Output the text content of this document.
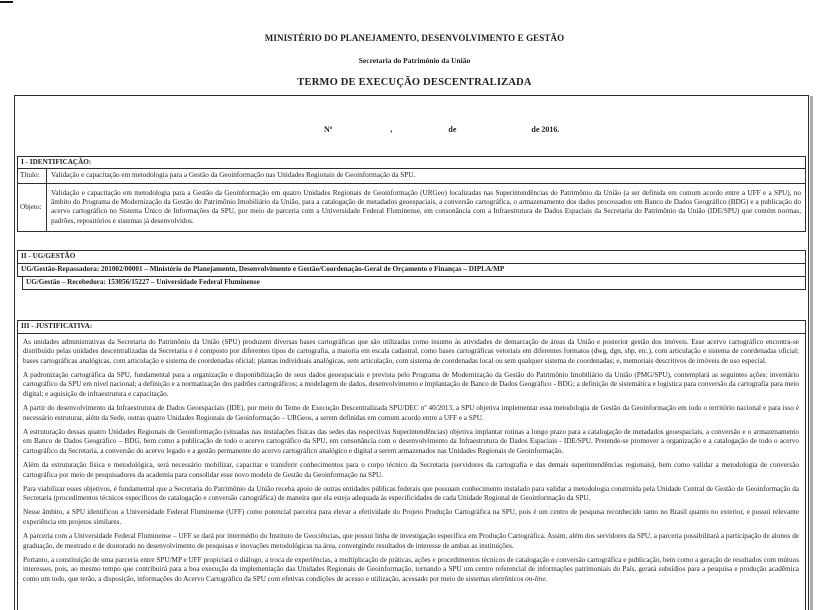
MINISTÉRIO DO PLANEJAMENTO, DESENVOLVIMENTO E GESTÃO
Secretaria do Patrimônio da União
TERMO DE EXECUÇÃO DESCENTRALIZADA

Nº	,	de	de 2016.

I - IDENTIFICAÇÃO:
Título:	Validação e capacitação em metodologia para a Gestão da Geoinformação nas Unidades Regionais de Geoinformação da SPU.
Objeto:
Validação e capacitação em metodologia para a Gestão da Geoinformação em quatro Unidades Regionais de Geoinformação (URGeo) localizadas nas Superintendências do Patrimônio da União (a ser definida em comum acordo entre a UFF e a SPU), no âmbito do Programa de Modernização da Gestão do Patrimônio Imobiliário da União, para a catalogação de metadados geoespaciais, a conversão cartográfica, o armazenamento dos dados processados em Banco de Dados Geográfico (BDG) e a publicação do acervo cartográfico no Sistema Único de Informações da SPU, por meio de parceria com a Universidade Federal Fluminense, em consonância com a Infraestrutura de Dados Espaciais da Secretaria do Patrimônio da União (IDE/SPU) que contém normas, padrões, repositórios e sistemas já desenvolvidos.
II - UG/GESTÃO
UG/Gestão-Repassadora: 201002/00001 – Ministério do Planejamento, Desenvolvimento e Gestão/Coordenação-Geral de Orçamento e Finanças – DIPLA/MP
UG/Gestão – Recebedora: 153056/15227 – Universidade Federal Fluminense
III - JUSTIFICATIVA:

As unidades administrativas da Secretaria do Patrimônio da União (SPU) produzem diversas bases cartográficas que são utilizadas como insumo às atividades de demarcação de áreas da União e posterior gestão dos imóveis. Esse acervo cartográfico encontra-se distribuído pelas unidades descentralizadas da Secretaria e é composto por diferentes tipos de cartografia, a maioria em escala cadastral, como bases cartográficas vetoriais em diferentes formatos (dwg, dgn, shp, etc.), com articulação e sistema de coordenadas oficial; bases cartográficas analógicas, com articulação e sistema de coordenadas oficial; plantas individuais analógicas, sem articulação, com sistema de coordenadas local ou sem qualquer sistema de coordenadas; e, memoriais descritivos de imóveis de uso especial.

A padronização cartográfica da SPU, fundamental para a organização e disponibilização de seus dados geoespaciais e prevista pelo Programa de Modernização da Gestão do Patrimônio Imobiliário da União (PMG/SPU), contemplará as seguintes ações: inventário cartográfico da SPU em nível nacional; a definição e a normatização dos padrões cartográficos; a modelagem de dados, desenvolvimento e implantação de Banco de Dados Geográfico - BDG; a definição de sistemática e logística para conversão da cartografia para meio digital; e aquisição de infraestrutura e capacitação.

A partir do desenvolvimento da Infraestrutura de Dados Geoespaciais (IDE), por meio do Temo de Execução Descentralizada SPU/DEC nº 40/2013, a SPU objetiva implementar essa metodologia de Gestão da Geoinformação em todo o território nacional e para isso é necessário estruturar, além da Sede, outras quatro Unidades Regionais de Geoinformação – URGeos, a serem definidas em comum acordo entre a UFF e a SPU.

A estruturação dessas quatro Unidades Regionais de Geoinformação (situadas nas instalações físicas das sedes das respectivas Superintendências) objetiva implantar rotinas a longo prazo para a catalogação de metadados geoespaciais, a conversão e o armazenamento em Banco de Dados Geográfico – BDG, bem como a publicação de todo o acervo cartográfico da SPU, em consonância com o desenvolvimento da Infraestrutura de Dados Espaciais - IDE/SPU. Pretende-se promover a organização e a catalogação de todo o acervo cartográfico da Secretaria, a conversão do acervo legado e a gestão permanente do acervo cartográfico analógico e digital a serem armazenados nas Unidades Regionais de Geoinformação.

Além da estruturação física e metodológica, será necessário mobilizar, capacitar e transferir conhecimentos para o corpo técnico da Secretaria (servidores da cartografia e das demais superintendências regionais), bem como validar a metodologia de conversão cartográfica por meio de pesquisadores da academia para consolidar esse novo modelo de Gestão da Geoinformação na SPU.

Para viabilizar esses objetivos, é fundamental que a Secretaria do Patrimônio da União receba apoio de outras entidades públicas federais que possuam conhecimento instalado para validar a metodologia construída pela Unidade Central de Gestão de Geoinformação da Secretaria (procedimentos técnicos específicos de catalogação e conversão cartográfica) de maneira que ela esteja adequada às especificidades de cada Unidade Regional de Geoinformação da SPU.

Nesse âmbito, a SPU identificou a Universidade Federal Fluminense (UFF) como potencial parceira para elevar a efetividade do Projeto Produção Cartográfica na SPU, pois é um centro de pesquisa reconhecido tanto no Brasil quanto no exterior, e possui relevante experiência em projetos similares.

A parceria com a Universidade Federal Fluminense – UFF se dará por intermédio do Instituto de Geociências, que possui linha de investigação específica em Produção Cartográfica. Assim, além dos servidores da SPU, a parceria possibilitará a participação de alunos de graduação, de mestrado e de doutorado no desenvolvimento de pesquisas e inovações metodológicas na área, convergindo resultados de interesse de ambas as instituições.

Portanto, a constituição de uma parceria entre SPU/MP e UFF propiciará o diálogo, a troca de experiências, a multiplicação de práticas, ações e procedimentos técnicos de catalogação e conversão cartográfica e publicação, bem como a geração de resultados com mútuos interesses, pois, ao mesmo tempo que contribuirá para a boa execução da implementação das Unidades Regionais de Geoinformação, tornando a SPU um centro referencial de informações patrimoniais do País, gerará subsídios para a pesquisa e produção acadêmica como um todo, que terão, a disposição, informações do Acervo Cartográfico da SPU com efetivas condições de acesso e utilização, acessado por meio de sistemas eletrônicos on-line.
